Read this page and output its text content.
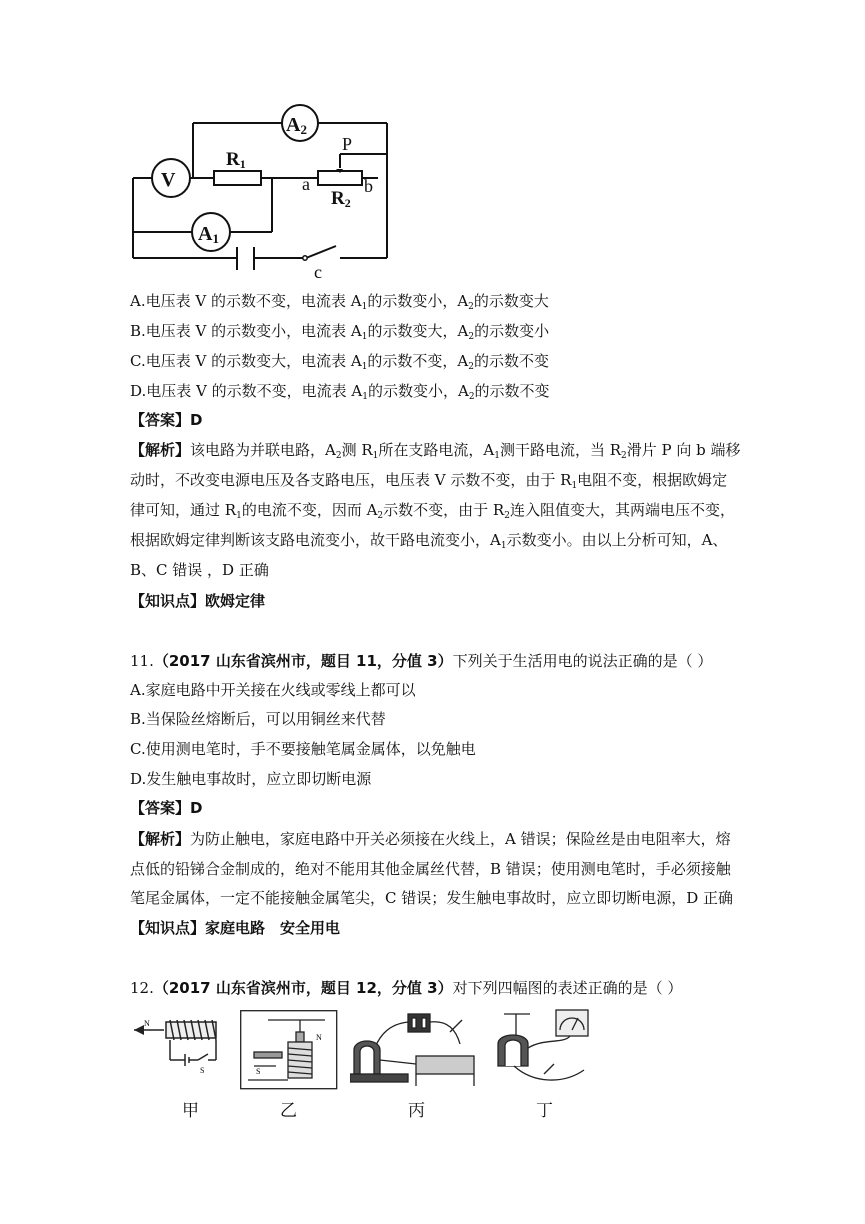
A2
V
R1
P
a
R2
b
A1
c
A.电压表 V 的示数不变，电流表 $A_1$的示数变小，$A_2$的示数变大
B.电压表 V 的示数变小，电流表 $A_1$的示数变大，$A_2$的示数变小
C.电压表 V 的示数变大，电流表 $A_1$的示数不变，$A_2$的示数不变
D.电压表 V 的示数不变，电流表 $A_1$的示数变小，$A_2$的示数不变
【答案】D
【解析】该电路为并联电路，$A_2$测 $R_1$所在支路电流，$A_1$测干路电流，当 $R_2$滑片 P 向 b 端移
动时，不改变电源电压及各支路电压，电压表 V 示数不变，由于 $R_1$电阻不变，根据欧姆定
律可知，通过 $R_1$的电流不变，因而 $A_2$示数不变，由于 $R_2$连入阻值变大，其两端电压不变，
根据欧姆定律判断该支路电流变小，故干路电流变小，$A_1$示数变小。由以上分析可知，A、
B、C 错误 ，D 正确
【知识点】欧姆定律
11.（2017 山东省滨州市，题目 11，分值 3）下列关于生活用电的说法正确的是（ ）
A.家庭电路中开关接在火线或零线上都可以
B.当保险丝熔断后，可以用铜丝来代替
C.使用测电笔时，手不要接触笔属金属体，以免触电
D.发生触电事故时，应立即切断电源
【答案】D
【解析】为防止触电，家庭电路中开关必须接在火线上，A 错误；保险丝是由电阻率大，熔
点低的铅锑合金制成的，绝对不能用其他金属丝代替，B 错误；使用测电笔时，手必须接触
笔尾金属体，一定不能接触金属笔尖，C 错误；发生触电事故时，应立即切断电源，D 正确
【知识点】家庭电路　安全用电
12.（2017 山东省滨州市，题目 12，分值 3）对下列四幅图的表述正确的是（ ）
N
S	S
N
甲	乙	丙	丁
